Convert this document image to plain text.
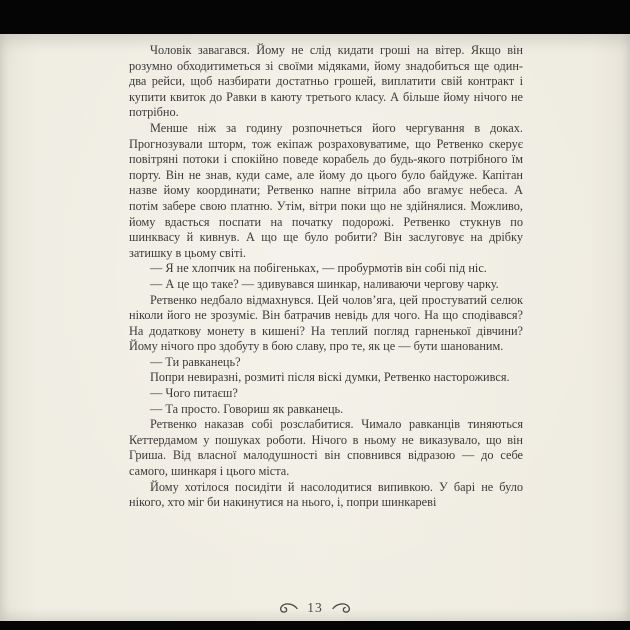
Чоловік завагався. Йому не слід кидати гроші на вітер. Якщо він розумно обходитиметься зі своїми мідяками, йому знадобиться ще один-два рейси, щоб назбирати достатньо грошей, виплатити свій контракт і купити квиток до Равки в каюту третього класу. А більше йому нічого не потрібно.

Менше ніж за годину розпочнеться його чергування в доках. Прогнозували шторм, тож екіпаж розраховуватиме, що Ретвенко скерує повітряні потоки і спокійно поведе корабель до будь-якого потрібного їм порту. Він не знав, куди саме, але йому до цього було байдуже. Капітан назве йому координати; Ретвенко напне вітрила або вгамує небеса. А потім забере свою платню. Утім, вітри поки що не здійнялися. Можливо, йому вдасться поспати на початку подорожі. Ретвенко стукнув по шинквасу й кивнув. А що ще було робити? Він заслуговує на дрібку затишку в цьому світі.

— Я не хлопчик на побігеньках, — пробурмотів він собі під ніс.

— А це що таке? — здивувався шинкар, наливаючи чергову чарку.

Ретвенко недбало відмахнувся. Цей чолов’яга, цей простуватий селюк ніколи його не зрозуміє. Він батрачив невідь для чого. На що сподівався? На додаткову монету в кишені? На теплий погляд гарненької дівчини? Йому нічого про здобуту в бою славу, про те, як це — бути шанованим.

— Ти равканець?

Попри невиразні, розмиті після віскі думки, Ретвенко насторожився.

— Чого питаєш?

— Та просто. Говориш як равканець.

Ретвенко наказав собі розслабитися. Чимало равканців тиняються Кеттердамом у пошуках роботи. Нічого в ньому не виказувало, що він Гриша. Від власної малодушності він сповнився відразою — до себе самого, шинкаря і цього міста.

Йому хотілося посидіти й насолодитися випивкою. У барі не було нікого, хто міг би накинутися на нього, і, попри шинкареві

13
